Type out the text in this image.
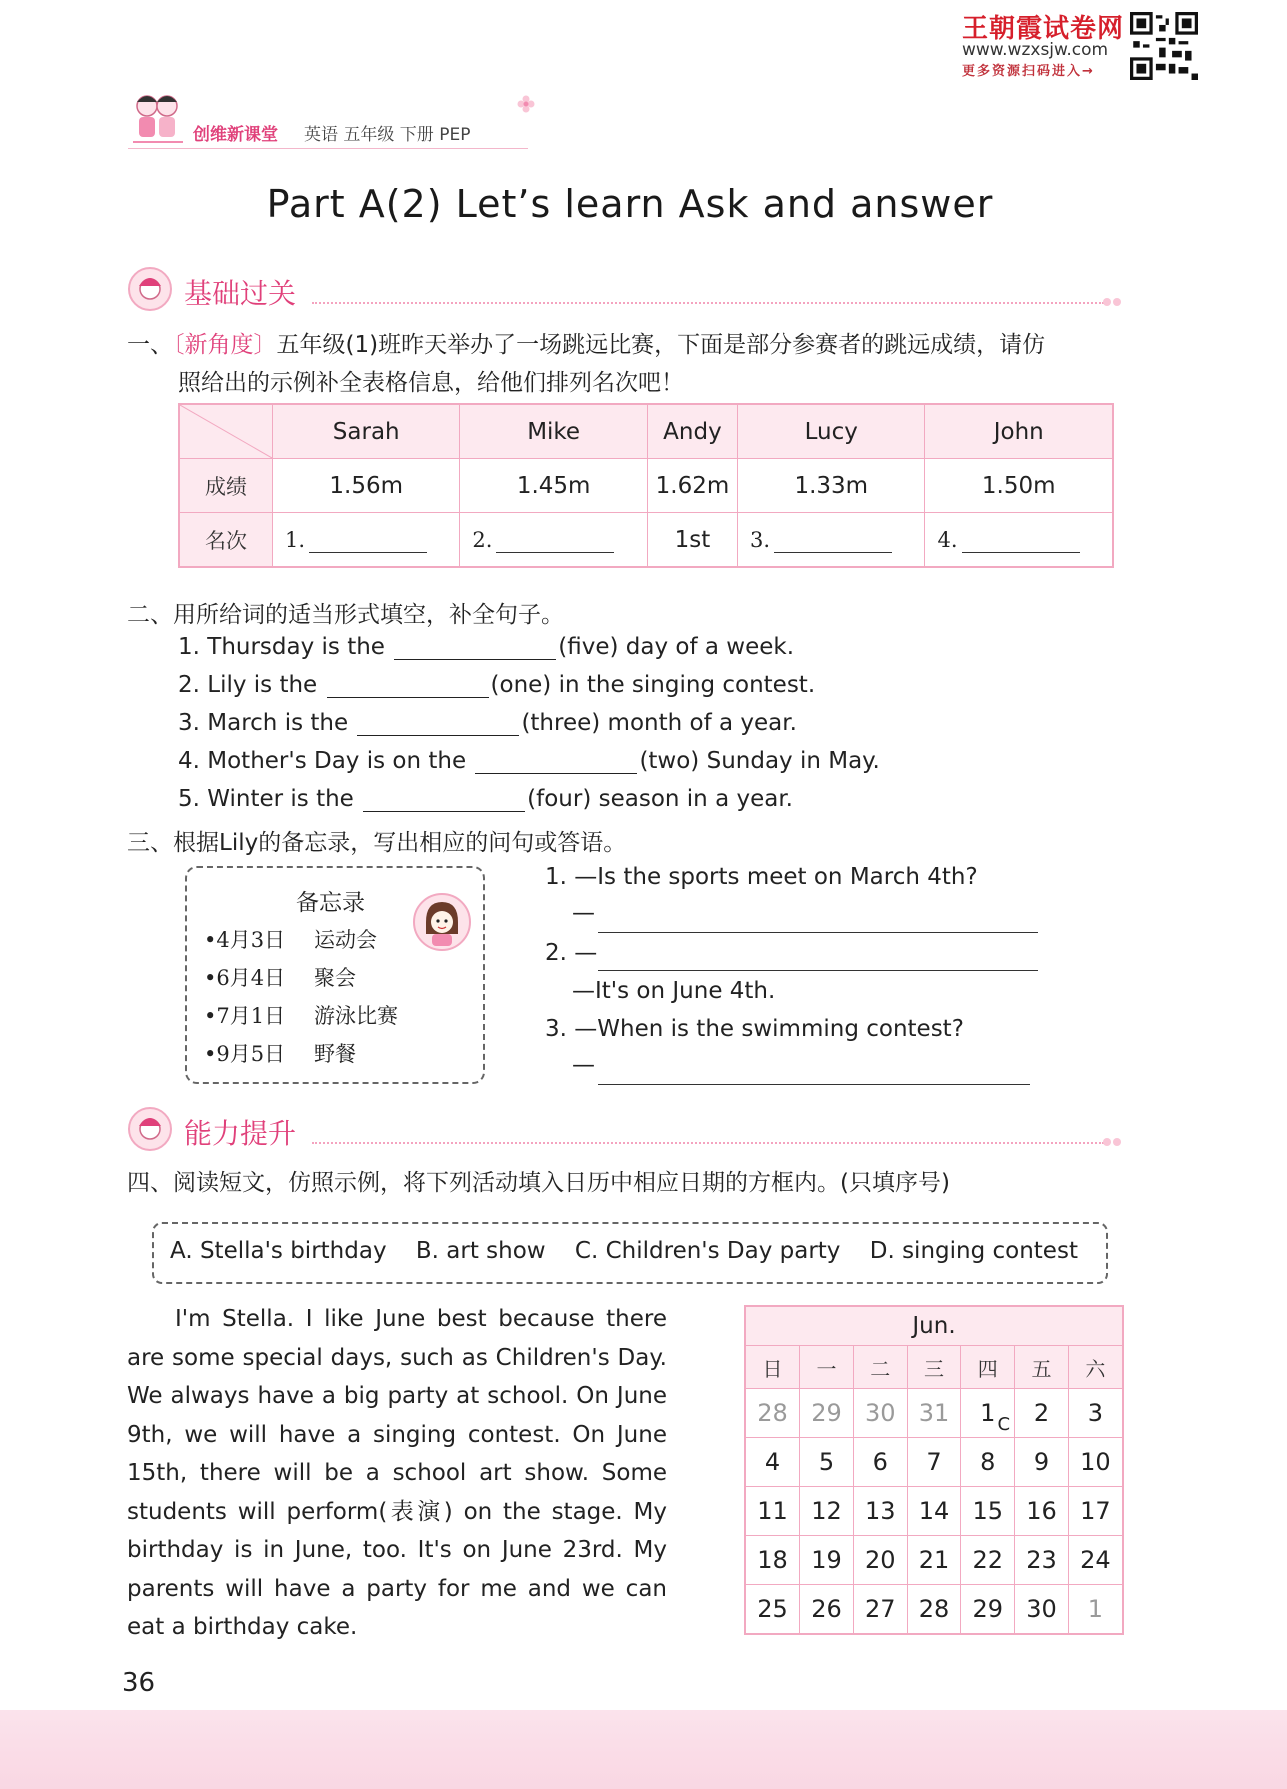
王朝霞试卷网
www.wzxsjw.com
更多资源扫码进入→
创维新课堂 英语 五年级 下册 PEP
Part A(2) Let’s learn Ask and answer
基础过关
一、〔新角度〕五年级(1)班昨天举办了一场跳远比赛，下面是部分参赛者的跳远成绩，请仿
照给出的示例补全表格信息，给他们排列名次吧！
	Sarah	Mike	Andy	Lucy	John
成绩	1.56m	1.45m	1.62m	1.33m	1.50m
名次	1.	2.	1st	3.	4.
二、用所给词的适当形式填空，补全句子。
1. Thursday is the	(five) day of a week.
2. Lily is the	(one) in the singing contest.
3. March is the	(three) month of a year.
4. Mother's Day is on the	(two) Sunday in May.
5. Winter is the	(four) season in a year.
三、根据Lily的备忘录，写出相应的问句或答语。
备忘录
•4月3日 运动会
•6月4日 聚会
•7月1日 游泳比赛
•9月5日 野餐
1. —Is the sports meet on March 4th?
—
2. —
—It's on June 4th.
3. —When is the swimming contest?
—
能力提升
四、阅读短文，仿照示例，将下列活动填入日历中相应日期的方框内。(只填序号)
A. Stella's birthday B. art show C. Children's Day party D. singing contest

I'm Stella. I like June best because there are some special days, such as Children's Day. We always have a big party at school. On June 9th, we will have a singing contest. On June 15th, there will be a school art show. Some students will perform(表演) on the stage. My birthday is in June, too. It's on June 23rd. My parents will have a party for me and we can eat a birthday cake.

Jun.						
日	一	二	三	四	五	六
28	29	30	31	1 C	2	3
4	5	6	7	8	9	10
11	12	13	14	15	16	17
18	19	20	21	22	23	24
25	26	27	28	29	30	1
36
